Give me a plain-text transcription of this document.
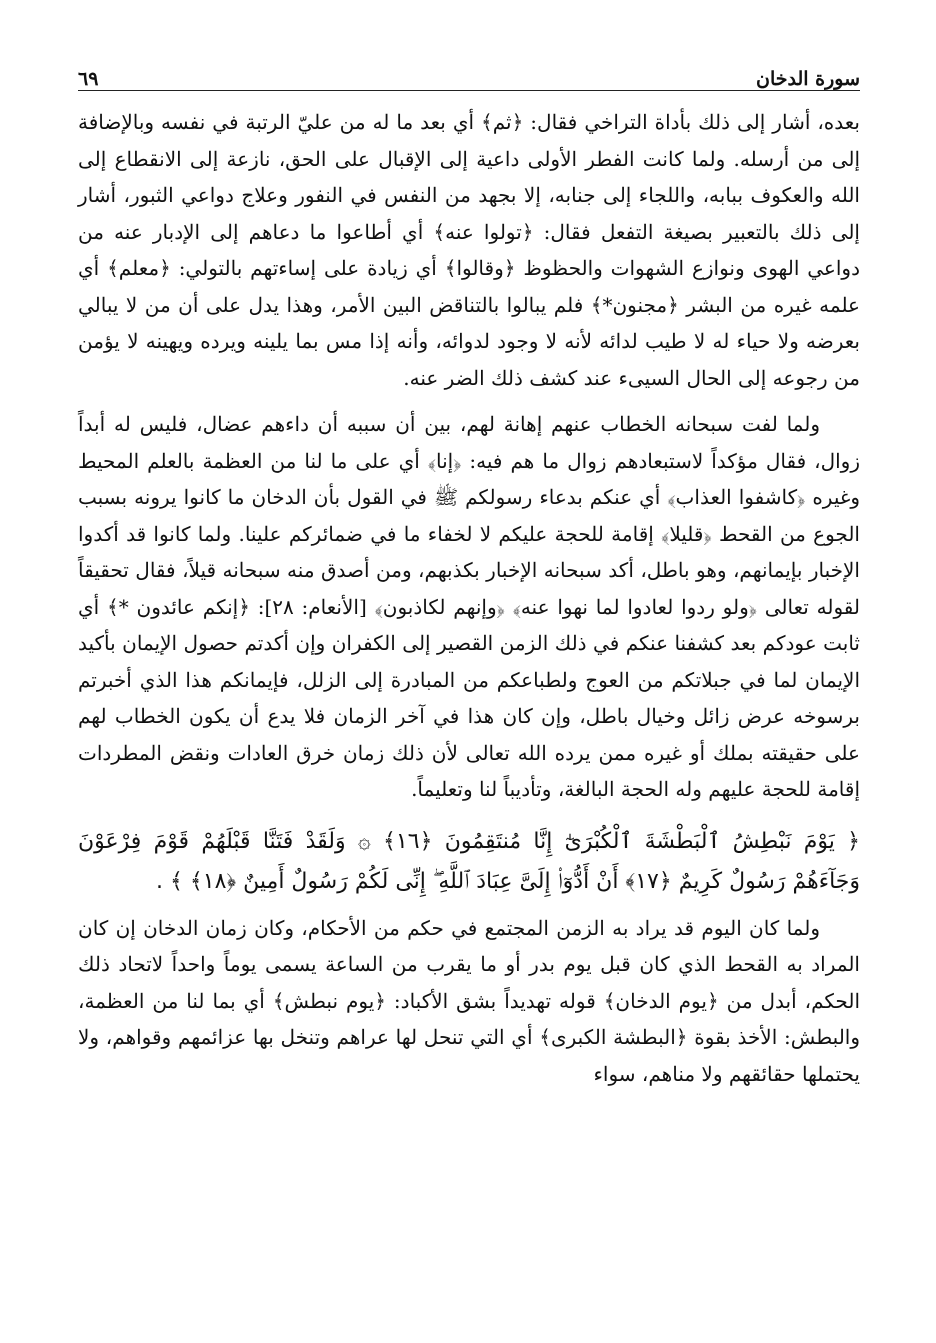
٦٩	سورة الدخان

بعده، أشار إلى ذلك بأداة التراخي فقال: ﴿ثم﴾ أي بعد ما له من عليّ الرتبة في نفسه وبالإضافة إلى من أرسله. ولما كانت الفطر الأولى داعية إلى الإقبال على الحق، نازعة إلى الانقطاع إلى الله والعكوف ببابه، واللجاء إلى جنابه، إلا بجهد من النفس في النفور وعلاج دواعي الثبور، أشار إلى ذلك بالتعبير بصيغة التفعل فقال: ﴿تولوا عنه﴾ أي أطاعوا ما دعاهم إلى الإدبار عنه من دواعي الهوى ونوازع الشهوات والحظوظ ﴿وقالوا﴾ أي زيادة على إساءتهم بالتولي: ﴿معلم﴾ أي علمه غيره من البشر ﴿مجنون*﴾ فلم يبالوا بالتناقض البين الأمر، وهذا يدل على أن من لا يبالي بعرضه ولا حياء له لا طيب لدائه لأنه لا وجود لدوائه، وأنه إذا مس بما يلينه ويرده ويهينه لا يؤمن من رجوعه إلى الحال السيىء عند كشف ذلك الضر عنه.

ولما لفت سبحانه الخطاب عنهم إهانة لهم، بين أن سببه أن داءهم عضال، فليس له أبداً زوال، فقال مؤكداً لاستبعادهم زوال ما هم فيه: ﴿إنا﴾ أي على ما لنا من العظمة بالعلم المحيط وغيره ﴿كاشفوا العذاب﴾ أي عنكم بدعاء رسولكم ﷺ في القول بأن الدخان ما كانوا يرونه بسبب الجوع من القحط ﴿قليلا﴾ إقامة للحجة عليكم لا لخفاء ما في ضمائركم علينا. ولما كانوا قد أكدوا الإخبار بإيمانهم، وهو باطل، أكد سبحانه الإخبار بكذبهم، ومن أصدق منه سبحانه قيلاً، فقال تحقيقاً لقوله تعالى ﴿ولو ردوا لعادوا لما نهوا عنه﴾ ﴿وإنهم لكاذبون﴾ [الأنعام: ٢٨]: ﴿إنكم عائدون *﴾ أي ثابت عودكم بعد كشفنا عنكم في ذلك الزمن القصير إلى الكفران وإن أكدتم حصول الإيمان بأكيد الإيمان لما في جبلاتكم من العوج ولطباعكم من المبادرة إلى الزلل، فإيمانكم هذا الذي أخبرتم برسوخه عرض زائل وخيال باطل، وإن كان هذا في آخر الزمان فلا يدع أن يكون الخطاب لهم على حقيقته بملك أو غيره ممن يرده الله تعالى لأن ذلك زمان خرق العادات ونقض المطردات إقامة للحجة عليهم وله الحجة البالغة، وتأديباً لنا وتعليماً.

﴿ يَوْمَ نَبْطِشُ ٱلْبَطْشَةَ ٱلْكُبْرَىٰٓ إِنَّا مُنتَقِمُونَ ﴿١٦﴾ ۞ وَلَقَدْ فَتَنَّا قَبْلَهُمْ قَوْمَ فِرْعَوْنَ وَجَآءَهُمْ رَسُولٌ كَرِيمٌ ﴿١٧﴾ أَنْ أَدُّوٓا۟ إِلَىَّ عِبَادَ ٱللَّهِ ۖ إِنِّى لَكُمْ رَسُولٌ أَمِينٌ ﴿١٨﴾ ﴾ .

ولما كان اليوم قد يراد به الزمن المجتمع في حكم من الأحكام، وكان زمان الدخان إن كان المراد به القحط الذي كان قبل يوم بدر أو ما يقرب من الساعة يسمى يوماً واحداً لاتحاد ذلك الحكم، أبدل من ﴿يوم الدخان﴾ قوله تهديداً بشق الأكباد: ﴿يوم نبطش﴾ أي بما لنا من العظمة، والبطش: الأخذ بقوة ﴿البطشة الكبرى﴾ أي التي تنحل لها عراهم وتنخل بها عزائمهم وقواهم، ولا يحتملها حقائقهم ولا مناهم، سواء
